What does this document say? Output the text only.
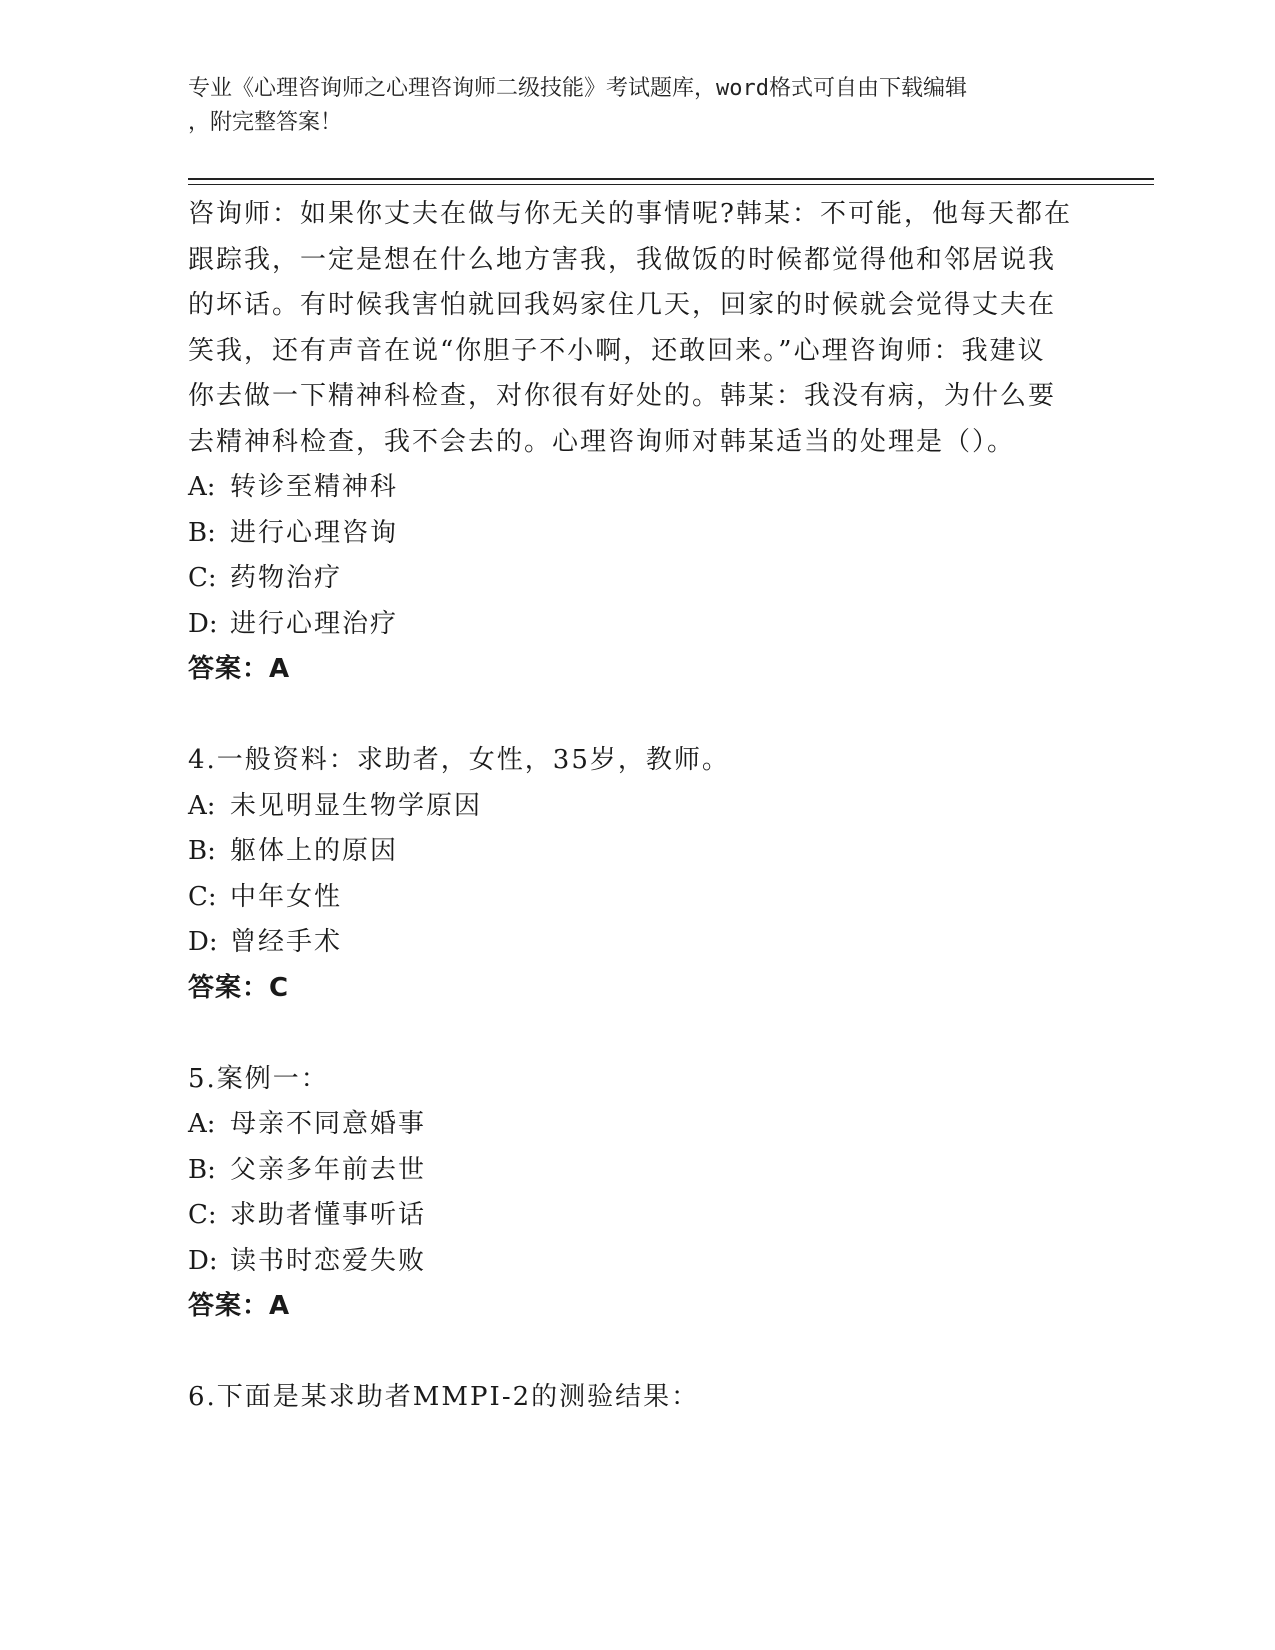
专业《心理咨询师之心理咨询师二级技能》考试题库，word格式可自由下载编辑
，附完整答案！

咨询师：如果你丈夫在做与你无关的事情呢?韩某：不可能，他每天都在跟踪我，一定是想在什么地方害我，我做饭的时候都觉得他和邻居说我的坏话。有时候我害怕就回我妈家住几天，回家的时候就会觉得丈夫在笑我，还有声音在说“你胆子不小啊，还敢回来。”心理咨询师：我建议你去做一下精神科检查，对你很有好处的。韩某：我没有病，为什么要去精神科检查，我不会去的。心理咨询师对韩某适当的处理是（）。

A: 转诊至精神科

B: 进行心理咨询

C: 药物治疗

D: 进行心理治疗

答案：A

4.一般资料：求助者，女性，35岁，教师。

A: 未见明显生物学原因

B: 躯体上的原因

C: 中年女性

D: 曾经手术

答案：C

5.案例一：

A: 母亲不同意婚事

B: 父亲多年前去世

C: 求助者懂事听话

D: 读书时恋爱失败

答案：A

6.下面是某求助者MMPI-2的测验结果：
